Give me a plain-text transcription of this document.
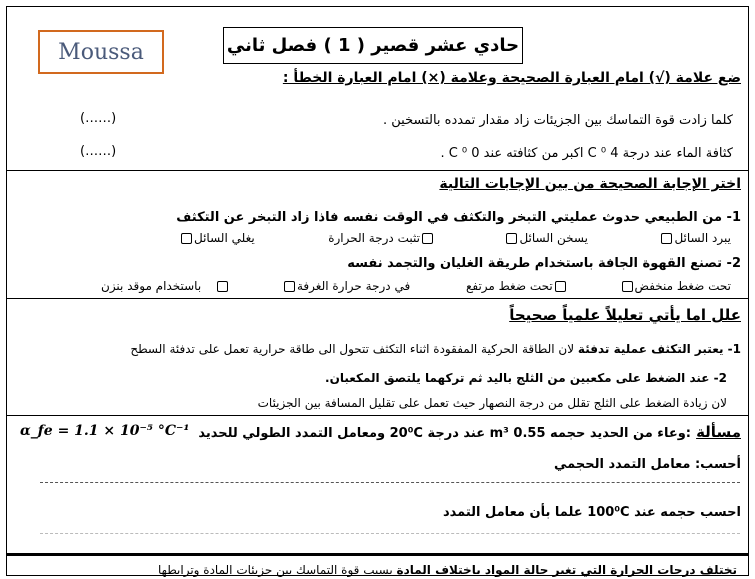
Moussa	حادي عشر قصير ( 1 ) فصل ثاني
ضع علامة (√) امام العبارة الصحيحة وعلامة (×) امام العبارة الخطأ :
كلما زادت قوة التماسك بين الجزيئات زاد مقدار تمدده بالتسخين .
(……)
كثافة الماء عند درجة C ⁰ 4 اكبر من كثافته عند C ⁰ 0 .
(……)
اختر الإجابة الصحيحة من بين الإجابات التالية
1- من الطبيعي حدوث عمليتي التبخر والتكثف في الوقت نفسه فاذا زاد التبخر عن التكثف
يبرد السائل
يسخن السائل
تثبت درجة الحرارة
يغلي السائل
2- تصنع القهوة الجافة باستخدام طريقة الغليان والتجمد نفسه
تحت ضغط منخفض
تحت ضغط مرتفع
في درجة حرارة الغرفة
باستخدام موقد بنزن
علل اما يأتي تعليلاً علمياً صحيحاً
1- يعتبر التكثف عملية تدفئة لان الطاقة الحركية المفقودة اثناء التكثف تتحول الى طاقة حرارية تعمل على تدفئة السطح
2- عند الضغط على مكعبين من الثلج باليد ثم تركهما يلتصق المكعبان.
لان زيادة الضغط على الثلج تقلل من درجة النصهار حيث تعمل على تقليل المسافة بين الجزيئات
α_fe = 1.1 × 10⁻⁵ °C⁻¹	مسألة :وعاء من الحديد حجمه 0.55 m³ عند درجة 20⁰C ومعامل التمدد الطولي للحديد
أحسب: معامل التمدد الحجمي
احسب حجمه عند 100⁰C علما بأن معامل التمدد
تختلف درجات الحرارة التي تغير حالة المواد باختلاف المادة بسبب قوة التماسك بين جزيئات المادة وترابطها
